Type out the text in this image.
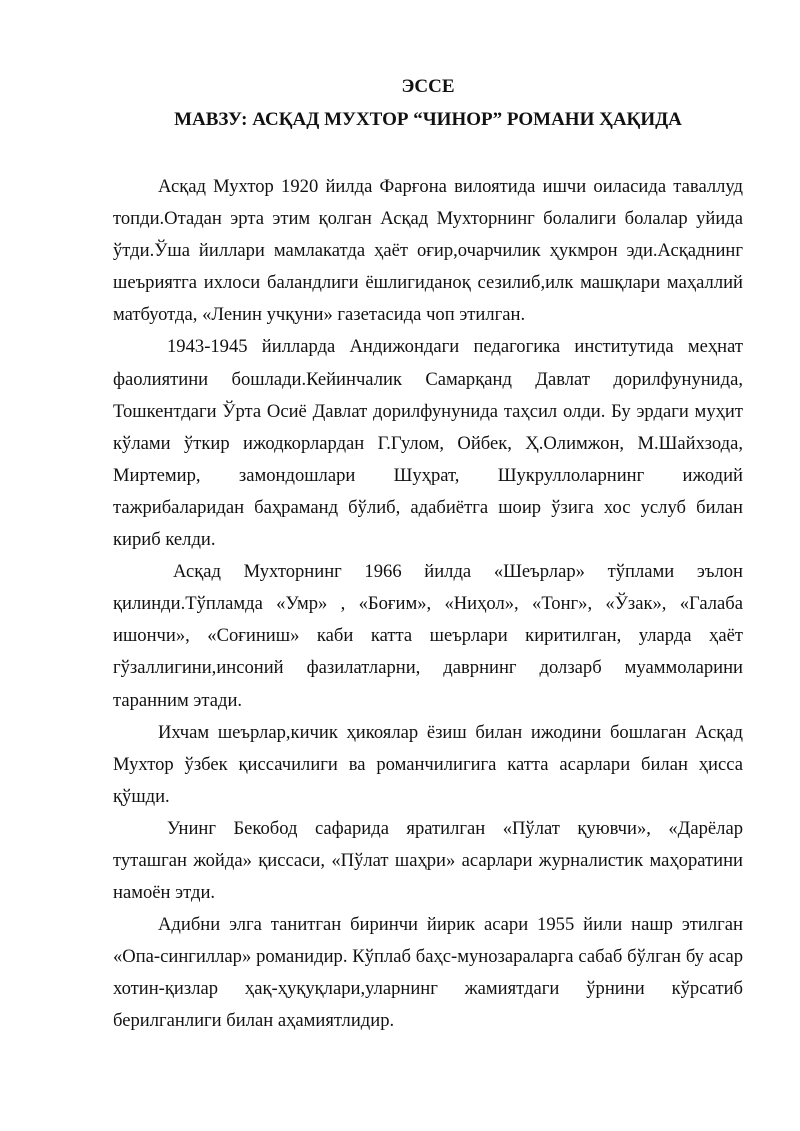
ЭССЕ
МАВЗУ: АСҚАД МУХТОР “ЧИНОР” РОМАНИ ҲАҚИДА

Асқад Мухтор 1920 йилда Фарғона вилоятида ишчи оиласида таваллуд топди.Отадан эрта этим қолган Асқад Мухторнинг болалиги болалар уйида ўтди.Ўша йиллари мамлакатда ҳаёт оғир,очарчилик ҳукмрон эди.Асқаднинг шеъриятга ихлоси баландлиги ёшлигиданоқ сезилиб,илк машқлари маҳаллий матбуотда, «Ленин учқуни» газетасида чоп этилган.

1943-1945 йилларда Андижондаги педагогика институтида меҳнат фаолиятини бошлади.Кейинчалик Самарқанд Давлат дорилфунунида, Тошкентдаги Ўрта Осиё Давлат дорилфунунида таҳсил олди. Бу эрдаги муҳит кўлами ўткир ижодкорлардан Г.Гулом, Ойбек, Ҳ.Олимжон, М.Шайхзода, Миртемир, замондошлари Шуҳрат, Шукруллоларнинг ижодий тажрибаларидан баҳраманд бўлиб, адабиётга шоир ўзига хос услуб билан кириб келди.

Асқад Мухторнинг 1966 йилда «Шеърлар» тўплами эълон қилинди.Тўпламда «Умр» , «Боғим», «Ниҳол», «Тонг», «Ўзак», «Галаба ишончи», «Соғиниш» каби катта шеърлари киритилган, уларда ҳаёт гўзаллигини,инсоний фазилатларни, даврнинг долзарб муаммоларини таранним этади.

Ихчам шеърлар,кичик ҳикоялар ёзиш билан ижодини бошлаган Асқад Мухтор ўзбек қиссачилиги ва романчилигига катта асарлари билан ҳисса қўшди.

Унинг Бекобод сафарида яратилган «Пўлат қуювчи», «Дарёлар туташган жойда» қиссаси, «Пўлат шаҳри» асарлари журналистик маҳоратини намоён этди.

Адибни элга танитган биринчи йирик асари 1955 йили нашр этилган «Опа-сингиллар» романидир. Кўплаб баҳс-мунозараларга сабаб бўлган бу асар хотин-қизлар ҳақ-ҳуқуқлари,уларнинг жамиятдаги ўрнини кўрсатиб берилганлиги билан аҳамиятлидир.
